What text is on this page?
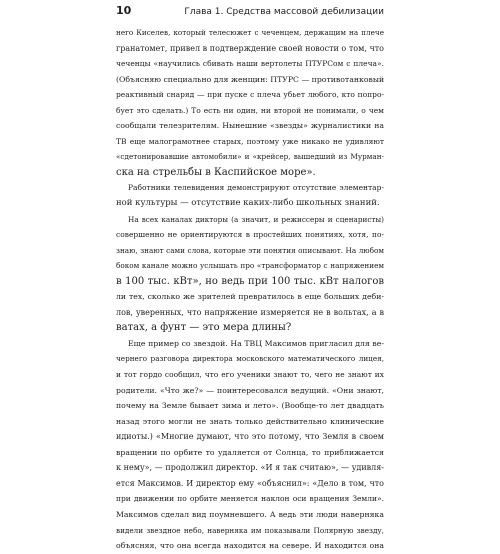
10	Глава 1. Средства массовой дебилизации
него Киселев, который телесюжет с чеченцем, держащим на плече
гранатомет, привел в подтверждение своей новости о том, что
чеченцы «научились сбивать наши вертолеты ПТУРСом с плеча».
(Объясняю специально для женщин: ПТУРС — противотанковый
реактивный снаряд — при пуске с плеча убьет любого, кто попро-
бует это сделать.) То есть ни один, ни второй не понимали, о чем
сообщали телезрителям. Нынешние «звезды» журналистики на
ТВ еще малограмотнее старых, поэтому уже никако не удивляют
«сдетонировавшие автомобили» и «крейсер, вышедший из Мурман-
ска на стрельбы в Каспийское море».
Работники телевидения демонстрируют отсутствие элементар-
ной культуры — отсутствие каких-либо школьных знаний.
На всех каналах дикторы (а значит, и режиссеры и сценаристы)
совершенно не ориентируются в простейших понятиях, хотя, по-
знаю, знают сами слова, которые эти понятия описывают. На любом
боком канале можно услышать про «трансформатор с напряжением
в 100 тыс. кВт», но ведь при 100 тыс. кВт налогов
ли тех, сколько же зрителей превратилось в еще больших деби-
лов, уверенных, что напряжение измеряется не в вольтах, а в
ватах, а фунт — это мера длины?
Еще пример со звездой. На ТВЦ Максимов пригласил для ве-
чернего разговора директора московского математического лицея,
и тот гордо сообщил, что его ученики знают то, чего не знают их
родители. «Что же?» — поинтересовался ведущий. «Они знают,
почему на Земле бывает зима и лето». (Вообще-то лет двадцать
назад этого могли не знать только действительно клинические
идиоты.) «Многие думают, что это потому, что Земля в своем
вращении по орбите то удаляется от Солнца, то приближается
к нему», — продолжил директор. «И я так считаю», — удивля-
ется Максимов. И директор ему «объяснил»: «Дело в том, что
при движении по орбите меняется наклон оси вращения Земли».
Максимов сделал вид поумневшего. А ведь эти люди наверняка
видели звездное небо, наверняка им показывали Полярную звезду,
объясняя, что она всегда находится на севере. И находится она
